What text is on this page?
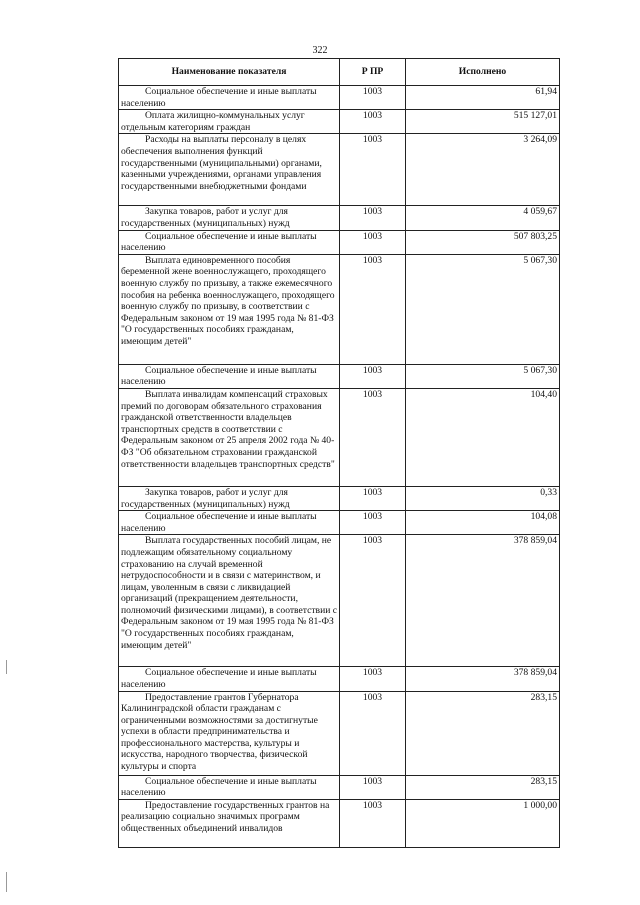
322
Наименование показателя	Р ПР	Исполнено
Социальное обеспечение и иные выплаты населению	1003	61,94
Оплата жилищно-коммунальных услуг отдельным категориям граждан	1003	515 127,01
Расходы на выплаты персоналу в целях обеспечения выполнения функций государственными (муниципальными) органами, казенными учреждениями, органами управления государственными внебюджетными фондами	1003	3 264,09
Закупка товаров, работ и услуг для государственных (муниципальных) нужд	1003	4 059,67
Социальное обеспечение и иные выплаты населению	1003	507 803,25
Выплата единовременного пособия беременной жене военнослужащего, проходящего военную службу по призыву, а также ежемесячного пособия на ребенка военнослужащего, проходящего военную службу по призыву, в соответствии с Федеральным законом от 19 мая 1995 года № 81-ФЗ "О государственных пособиях гражданам, имеющим детей"	1003	5 067,30
Социальное обеспечение и иные выплаты населению	1003	5 067,30
Выплата инвалидам компенсаций страховых премий по договорам обязательного страхования гражданской ответственности владельцев транспортных средств в соответствии с Федеральным законом от 25 апреля 2002 года № 40-ФЗ "Об обязательном страховании гражданской ответственности владельцев транспортных средств"	1003	104,40
Закупка товаров, работ и услуг для государственных (муниципальных) нужд	1003	0,33
Социальное обеспечение и иные выплаты населению	1003	104,08
Выплата государственных пособий лицам, не подлежащим обязательному социальному страхованию на случай временной нетрудоспособности и в связи с материнством, и лицам, уволенным в связи с ликвидацией организаций (прекращением деятельности, полномочий физическими лицами), в соответствии с Федеральным законом от 19 мая 1995 года № 81-ФЗ "О государственных пособиях гражданам, имеющим детей"	1003	378 859,04
Социальное обеспечение и иные выплаты населению	1003	378 859,04
Предоставление грантов Губернатора Калининградской области гражданам с ограниченными возможностями за достигнутые успехи в области предпринимательства и профессионального мастерства, культуры и искусства, народного творчества, физической культуры и спорта	1003	283,15
Социальное обеспечение и иные выплаты населению	1003	283,15
Предоставление государственных грантов на реализацию социально значимых программ общественных объединений инвалидов	1003	1 000,00
